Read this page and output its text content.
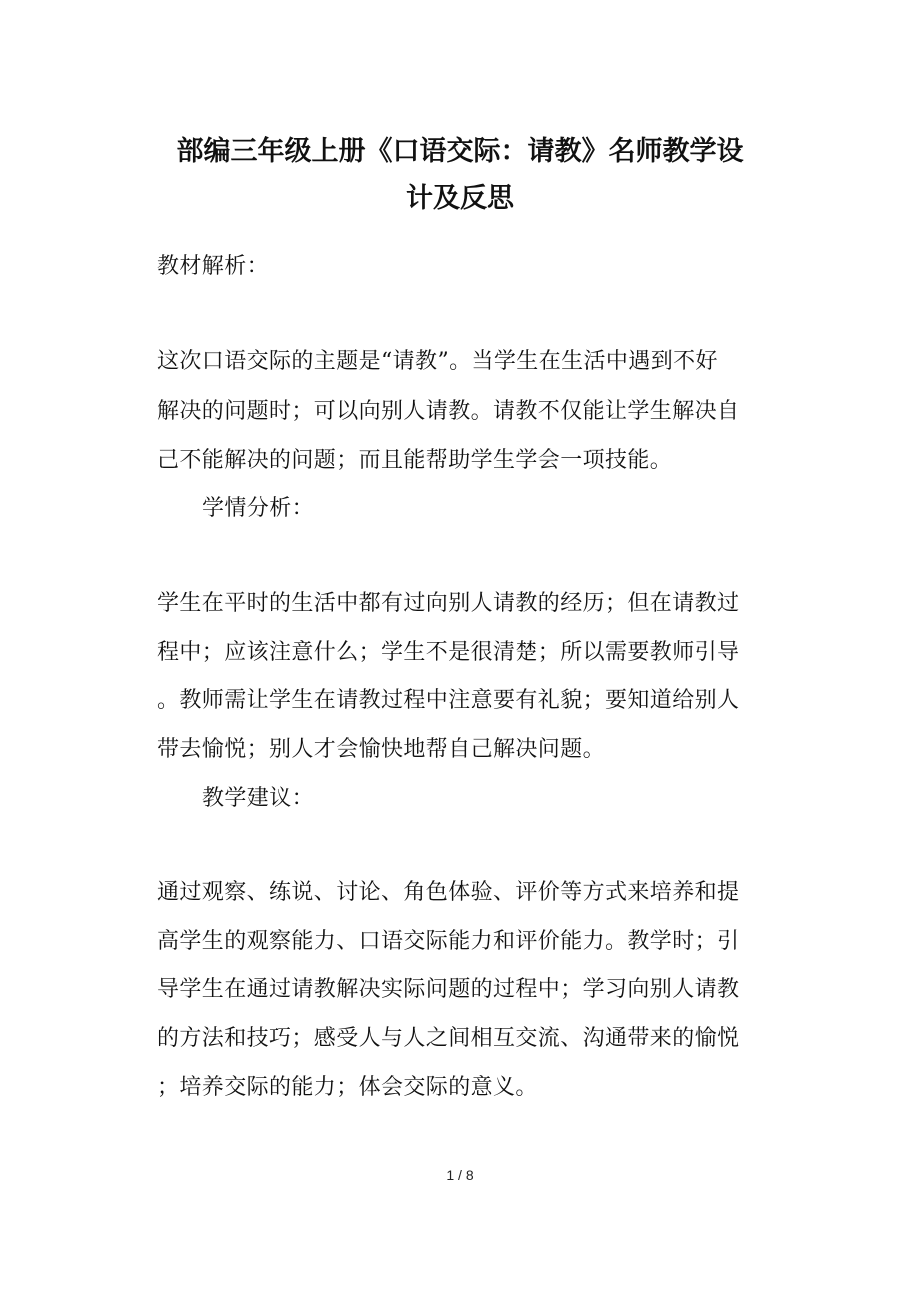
部编三年级上册《口语交际：请教》名师教学设
计及反思
教材解析：
这次口语交际的主题是“请教”。当学生在生活中遇到不好
解决的问题时；可以向别人请教。请教不仅能让学生解决自
己不能解决的问题；而且能帮助学生学会一项技能。
学情分析：
学生在平时的生活中都有过向别人请教的经历；但在请教过
程中；应该注意什么；学生不是很清楚；所以需要教师引导
。教师需让学生在请教过程中注意要有礼貌；要知道给别人
带去愉悦；别人才会愉快地帮自己解决问题。
教学建议：
通过观察、练说、讨论、角色体验、评价等方式来培养和提
高学生的观察能力、口语交际能力和评价能力。教学时；引
导学生在通过请教解决实际问题的过程中；学习向别人请教
的方法和技巧；感受人与人之间相互交流、沟通带来的愉悦
；培养交际的能力；体会交际的意义。
1 / 8
